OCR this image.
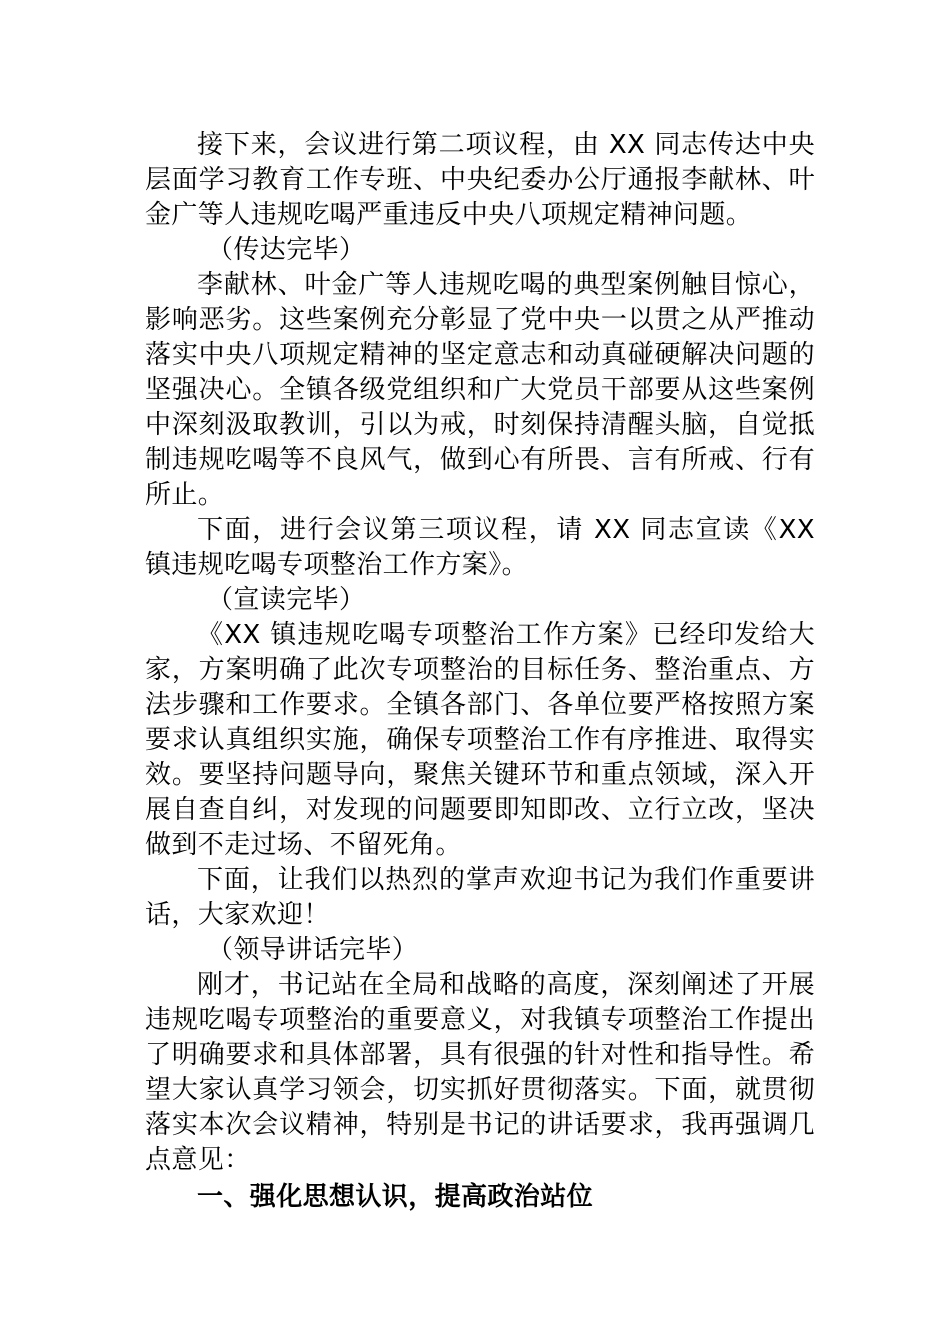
接下来，会议进行第二项议程，由 XX 同志传达中央层面学习教育工作专班、中央纪委办公厅通报李献林、叶金广等人违规吃喝严重违反中央八项规定精神问题。

（传达完毕）

李献林、叶金广等人违规吃喝的典型案例触目惊心，影响恶劣。这些案例充分彰显了党中央一以贯之从严推动落实中央八项规定精神的坚定意志和动真碰硬解决问题的坚强决心。全镇各级党组织和广大党员干部要从这些案例中深刻汲取教训，引以为戒，时刻保持清醒头脑，自觉抵制违规吃喝等不良风气，做到心有所畏、言有所戒、行有所止。

下面，进行会议第三项议程，请 XX 同志宣读《XX 镇违规吃喝专项整治工作方案》。

（宣读完毕）

《XX 镇违规吃喝专项整治工作方案》已经印发给大家，方案明确了此次专项整治的目标任务、整治重点、方法步骤和工作要求。全镇各部门、各单位要严格按照方案要求认真组织实施，确保专项整治工作有序推进、取得实效。要坚持问题导向，聚焦关键环节和重点领域，深入开展自查自纠，对发现的问题要即知即改、立行立改，坚决做到不走过场、不留死角。

下面，让我们以热烈的掌声欢迎书记为我们作重要讲话，大家欢迎！

（领导讲话完毕）

刚才，书记站在全局和战略的高度，深刻阐述了开展违规吃喝专项整治的重要意义，对我镇专项整治工作提出了明确要求和具体部署，具有很强的针对性和指导性。希望大家认真学习领会，切实抓好贯彻落实。下面，就贯彻落实本次会议精神，特别是书记的讲话要求，我再强调几点意见：

一、强化思想认识，提高政治站位
